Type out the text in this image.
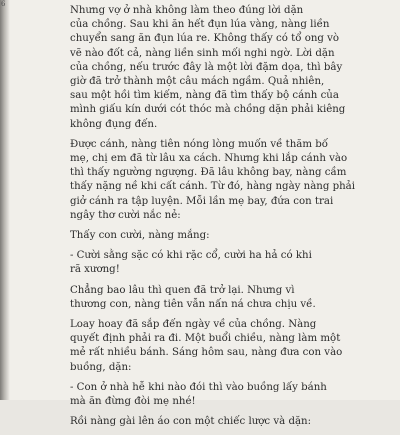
6

Nhưng vợ ở nhà không làm theo đúng lời dặn
của chồng. Sau khi ăn hết đụn lúa vàng, nàng liền
chuyển sang ăn đụn lúa re. Không thấy có tổ ong vò
vẽ nào đốt cả, nàng liền sinh mối nghi ngờ. Lời dặn
của chồng, nếu trước đây là một lời đặm dọa, thì bây
giờ đã trở thành một câu mách ngầm. Quả nhiên,
sau một hồi tìm kiếm, nàng đã tìm thấy bộ cánh của
mình giấu kín dưới cót thóc mà chồng dặn phải kiêng
không đụng đến.

Được cánh, nàng tiên nóng lòng muốn về thăm bố
mẹ, chị em đã từ lâu xa cách. Nhưng khi lắp cánh vào
thì thấy ngường ngượng. Đã lâu không bay, nàng cầm
thấy nặng nề khi cất cánh. Từ đó, hàng ngày nàng phải
giở cánh ra tập luyện. Mỗi lần mẹ bay, đứa con trai
ngây thơ cười nắc nẻ:

Thấy con cười, nàng mắng:

- Cười sằng sặc có khi rặc cổ, cười ha hả có khi
rã xương!

Chẳng bao lâu thì quen đã trở lại. Nhưng vì
thương con, nàng tiên vẫn nấn ná chưa chịu về.

Loay hoay đã sắp đến ngày về của chồng. Nàng
quyết định phải ra đi. Một buổi chiều, nàng làm một
mẻ rất nhiều bánh. Sáng hôm sau, nàng đưa con vào
buồng, dặn:

- Con ở nhà hễ khi nào đói thì vào buồng lấy bánh
mà ăn đừng đòi mẹ nhé!

Rồi nàng gài lên áo con một chiếc lược và dặn:
